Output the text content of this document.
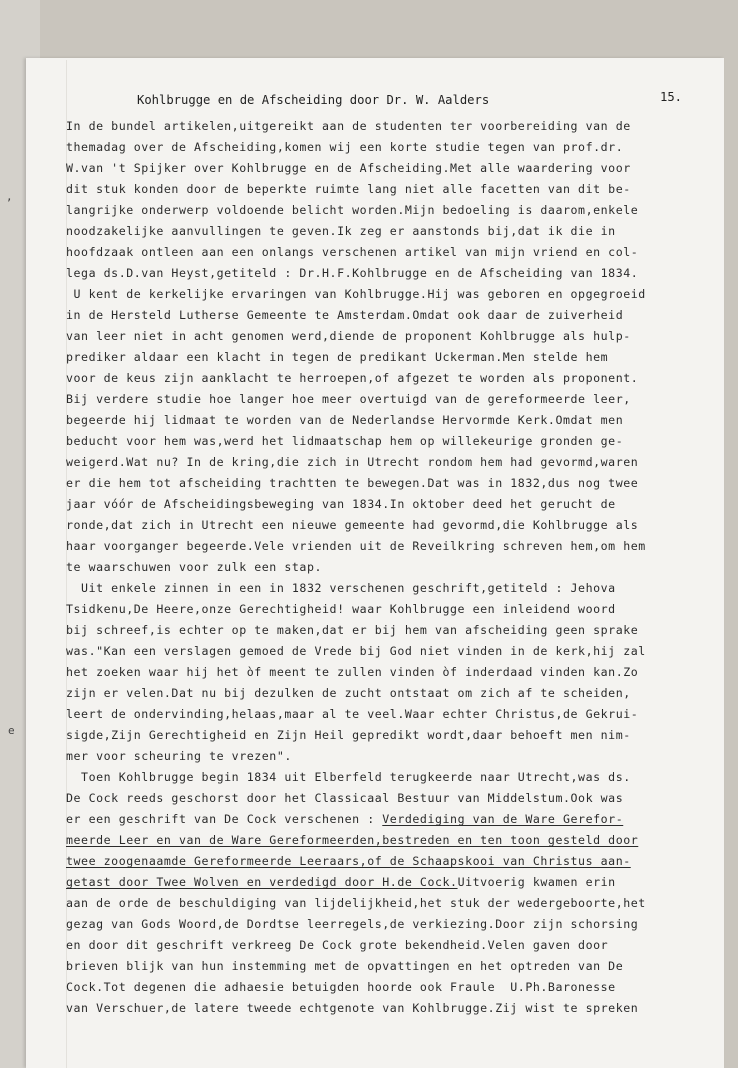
,
e
Kohlbrugge en de Afscheiding door Dr. W. Aalders	15.
In de bundel artikelen,uitgereikt aan de studenten ter voorbereiding van de
themadag over de Afscheiding,komen wij een korte studie tegen van prof.dr.
W.van 't Spijker over Kohlbrugge en de Afscheiding.Met alle waardering voor
dit stuk konden door de beperkte ruimte lang niet alle facetten van dit be-
langrijke onderwerp voldoende belicht worden.Mijn bedoeling is daarom,enkele
noodzakelijke aanvullingen te geven.Ik zeg er aanstonds bij,dat ik die in
hoofdzaak ontleen aan een onlangs verschenen artikel van mijn vriend en col-
lega ds.D.van Heyst,getiteld : Dr.H.F.Kohlbrugge en de Afscheiding van 1834.
U kent de kerkelijke ervaringen van Kohlbrugge.Hij was geboren en opgegroeid
in de Hersteld Lutherse Gemeente te Amsterdam.Omdat ook daar de zuiverheid
van leer niet in acht genomen werd,diende de proponent Kohlbrugge als hulp-
prediker aldaar een klacht in tegen de predikant Uckerman.Men stelde hem
voor de keus zijn aanklacht te herroepen,of afgezet te worden als proponent.
Bij verdere studie hoe langer hoe meer overtuigd van de gereformeerde leer,
begeerde hij lidmaat te worden van de Nederlandse Hervormde Kerk.Omdat men
beducht voor hem was,werd het lidmaatschap hem op willekeurige gronden ge-
weigerd.Wat nu? In de kring,die zich in Utrecht rondom hem had gevormd,waren
er die hem tot afscheiding trachtten te bewegen.Dat was in 1832,dus nog twee
jaar vóór de Afscheidingsbeweging van 1834.In oktober deed het gerucht de
ronde,dat zich in Utrecht een nieuwe gemeente had gevormd,die Kohlbrugge als
haar voorganger begeerde.Vele vrienden uit de Reveilkring schreven hem,om hem
te waarschuwen voor zulk een stap.
Uit enkele zinnen in een in 1832 verschenen geschrift,getiteld : Jehova
Tsidkenu,De Heere,onze Gerechtigheid! waar Kohlbrugge een inleidend woord
bij schreef,is echter op te maken,dat er bij hem van afscheiding geen sprake
was."Kan een verslagen gemoed de Vrede bij God niet vinden in de kerk,hij zal
het zoeken waar hij het òf meent te zullen vinden òf inderdaad vinden kan.Zo
zijn er velen.Dat nu bij dezulken de zucht ontstaat om zich af te scheiden,
leert de ondervinding,helaas,maar al te veel.Waar echter Christus,de Gekrui-
sigde,Zijn Gerechtigheid en Zijn Heil gepredikt wordt,daar behoeft men nim-
mer voor scheuring te vrezen".
Toen Kohlbrugge begin 1834 uit Elberfeld terugkeerde naar Utrecht,was ds.
De Cock reeds geschorst door het Classicaal Bestuur van Middelstum.Ook was
er een geschrift van De Cock verschenen : Verdediging van de Ware Gerefor-
meerde Leer en van de Ware Gereformeerden,bestreden en ten toon gesteld door
twee zoogenaamde Gereformeerde Leeraars,of de Schaapskooi van Christus aan-
getast door Twee Wolven en verdedigd door H.de Cock.Uitvoerig kwamen erin
aan de orde de beschuldiging van lijdelijkheid,het stuk der wedergeboorte,het
gezag van Gods Woord,de Dordtse leerregels,de verkiezing.Door zijn schorsing
en door dit geschrift verkreeg De Cock grote bekendheid.Velen gaven door
brieven blijk van hun instemming met de opvattingen en het optreden van De
Cock.Tot degenen die adhaesie betuigden hoorde ook Fraule  U.Ph.Baronesse
van Verschuer,de latere tweede echtgenote van Kohlbrugge.Zij wist te spreken
